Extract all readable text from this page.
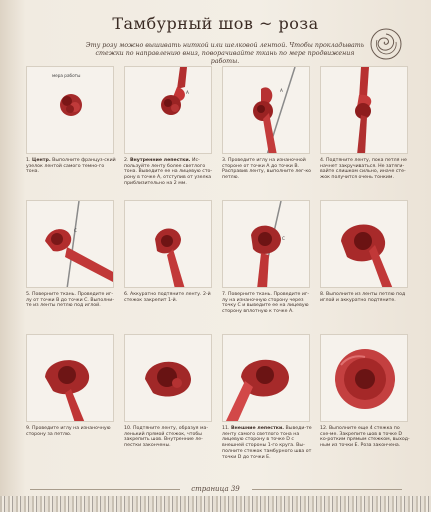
Тамбурный шов ~ роза
Эту розу можно вышивать ниткой или шелковой лентой. Чтобы прокладывать стежки по направлению вниз, поворачивайте ткань по мере продвижения работы.
мера работы
1. Центр. Выполните француз-ский узелок лентой самого темно-го тона.
A
2. Внутренние лепестки. Ис-пользуйте ленту более светлого тона. Выведите ее на лицевую сто-рону в точке А, отступив от узелка приблизительно на 2 мм.
A
3. Проведите иглу на изнаночной стороне от точки А до точки В. Расправив ленту, выполните лег-ко петлю.
4. Подтяните ленту, пока петля не начнет закручиваться. Не затяги-вайте слишком сильно, иначе сте-жок получится очень тонким.
C
5. Поверните ткань. Проведите иг-лу от точки В до точки С. Выполни-те из ленты петлю под иглой.
6. Аккуратно подтяните ленту. 2-й стежок закрепит 1-й.
C
7. Поверните ткань. Проведите иг-лу на изнаночную сторону через точку С и выведите ее на лицевую сторону вплотную к точке А.
8. Выполните из ленты петлю под иглой и аккуратно подтяните.
9. Проведите иглу на изнаночную сторону за петлю.
10. Подтяните ленту, образуя ма-ленький прямой стежок, чтобы закрепить шов. Внутренние ле-пестки закончены.
11. Внешние лепестки. Выведи-те ленту самого светлого тона на лицевую сторону в точке D с внешней стороны 1-го круга. Вы-полните стежок тамбурного шва от точки D до точки Е.
12. Выполните еще 4 стежка по схе-ме. Закрепите шов в точке D ко-ротким прямым стежком, выход-ным из точки Е. Роза закончена.
страница 39
